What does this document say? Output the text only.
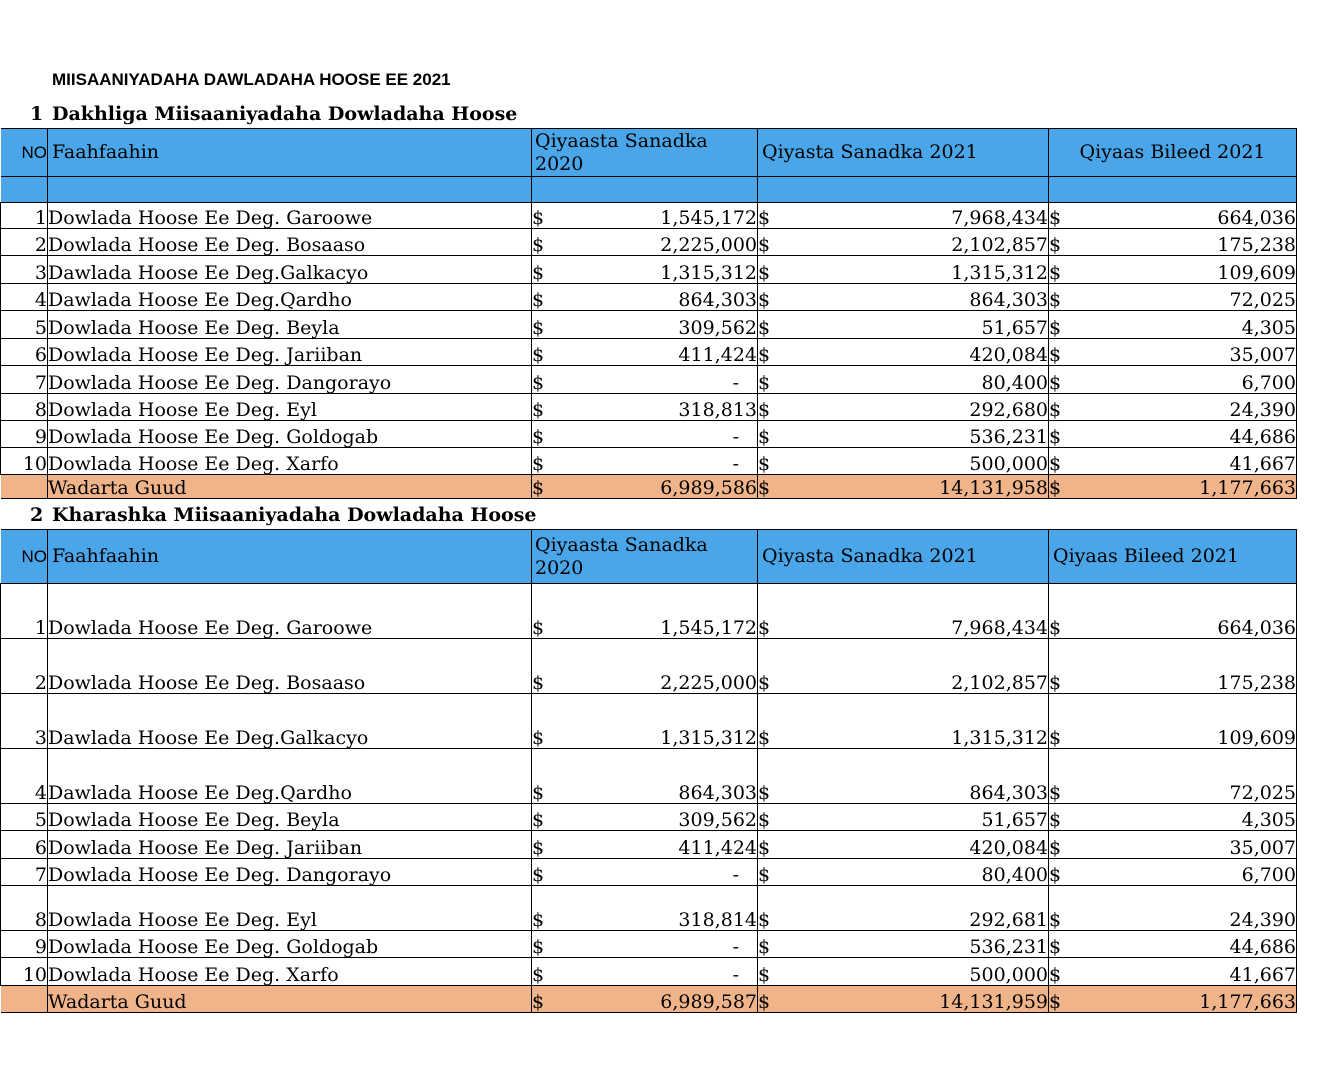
MIISAANIYADAHA DAWLADAHA HOOSE EE 2021
1 Dakhliga Miisaaniyadaha Dowladaha Hoose
NO	Faahfaahin	Qiyaasta Sanadka 2020	Qiyasta Sanadka 2021	Qiyaas Bileed 2021

1	Dowlada Hoose Ee Deg. Garoowe	$ 1,545,172	$ 7,968,434	$ 664,036

2	Dowlada Hoose Ee Deg. Bosaaso	$ 2,225,000	$ 2,102,857	$ 175,238

3	Dawlada Hoose Ee Deg.Galkacyo	$ 1,315,312	$ 1,315,312	$ 109,609

4	Dawlada Hoose Ee Deg.Qardho	$ 864,303	$ 864,303	$ 72,025

5	Dowlada Hoose Ee Deg. Beyla	$ 309,562	$ 51,657	$ 4,305

6	Dowlada Hoose Ee Deg. Jariiban	$ 411,424	$ 420,084	$ 35,007

7	Dowlada Hoose Ee Deg. Dangorayo	$ -	$ 80,400	$ 6,700

8	Dowlada Hoose Ee Deg. Eyl	$ 318,813	$ 292,680	$ 24,390

9	Dowlada Hoose Ee Deg. Goldogab	$ -	$ 536,231	$ 44,686

10	Dowlada Hoose Ee Deg. Xarfo	$ -	$ 500,000	$ 41,667

	Wadarta Guud	$ 6,989,586	$ 14,131,958	$ 1,177,663
2 Kharashka Miisaaniyadaha Dowladaha Hoose
NO	Faahfaahin	Qiyaasta Sanadka 2020	Qiyasta Sanadka 2021	Qiyaas Bileed 2021
1	Dowlada Hoose Ee Deg. Garoowe	$ 1,545,172	$ 7,968,434	$ 664,036

2	Dowlada Hoose Ee Deg. Bosaaso	$ 2,225,000	$ 2,102,857	$ 175,238

3	Dawlada Hoose Ee Deg.Galkacyo	$ 1,315,312	$ 1,315,312	$ 109,609

4	Dawlada Hoose Ee Deg.Qardho	$ 864,303	$ 864,303	$ 72,025

5	Dowlada Hoose Ee Deg. Beyla	$ 309,562	$ 51,657	$ 4,305

6	Dowlada Hoose Ee Deg. Jariiban	$ 411,424	$ 420,084	$ 35,007

7	Dowlada Hoose Ee Deg. Dangorayo	$ -	$ 80,400	$ 6,700

8	Dowlada Hoose Ee Deg. Eyl	$ 318,814	$ 292,681	$ 24,390

9	Dowlada Hoose Ee Deg. Goldogab	$ -	$ 536,231	$ 44,686

10	Dowlada Hoose Ee Deg. Xarfo	$ -	$ 500,000	$ 41,667

	Wadarta Guud	$ 6,989,587	$ 14,131,959	$ 1,177,663
